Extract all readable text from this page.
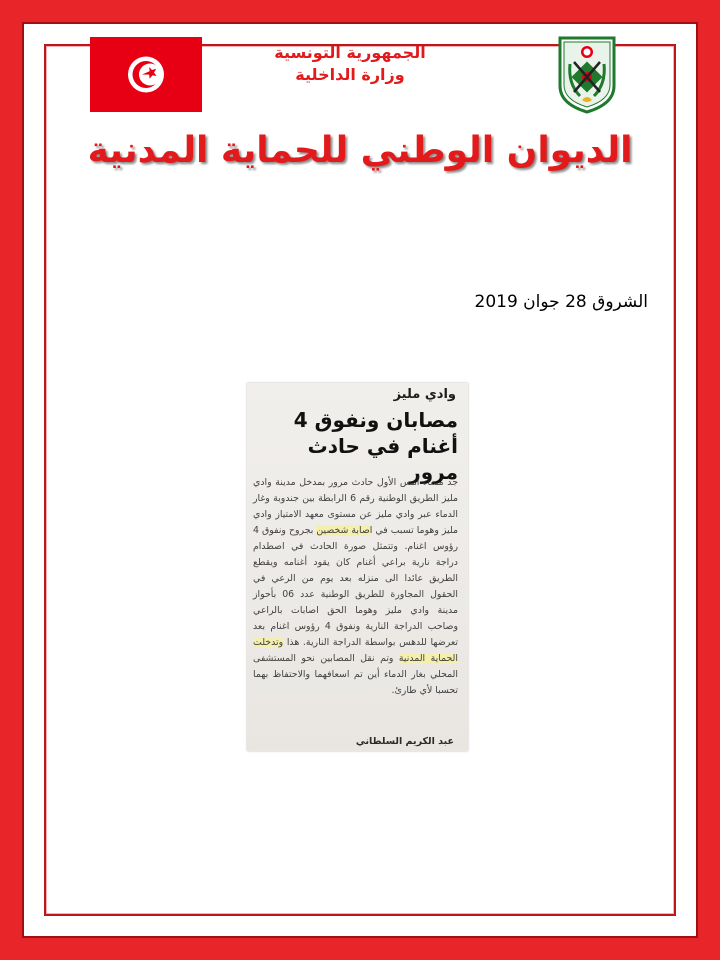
الجمهورية التونسية
وزارة الداخلية
الديوان الوطني للحماية المدنية
الشروق 28 جوان 2019
وادي مليز
مصابان ونفوق 4
أغنام في حادث مرور

جد مساء أمس الأول حادث مرور بمدخل مدينة وادي مليز الطريق الوطنية رقم 6 الرابطة بين جندوبة وغار الدماء عبر وادي مليز عن مستوى معهد الامتياز وادي مليز وهوما تسبب في اصابة شخصين بجروح ونفوق 4 رؤوس اغنام. وتتمثل صورة الحادث في اصطدام دراجة نارية براعي أغنام كان يقود أغنامه ويقطع الطريق عائدا الى منزله بعد يوم من الرعي في الحقول المجاورة للطريق الوطنية عدد 06 بأحواز مدينة وادي مليز وهوما الحق اصابات بالراعي وصاحب الدراجة النارية ونفوق 4 رؤوس اغنام بعد تعرضها للدهس بواسطة الدراجة النارية. هذا وتدخلت الحماية المدنية وتم نقل المصابين نحو المستشفى المحلي بغار الدماء أين تم اسعافهما والاحتفاظ بهما تحسبا لأي طارئ.

عبد الكريم السلطاني
